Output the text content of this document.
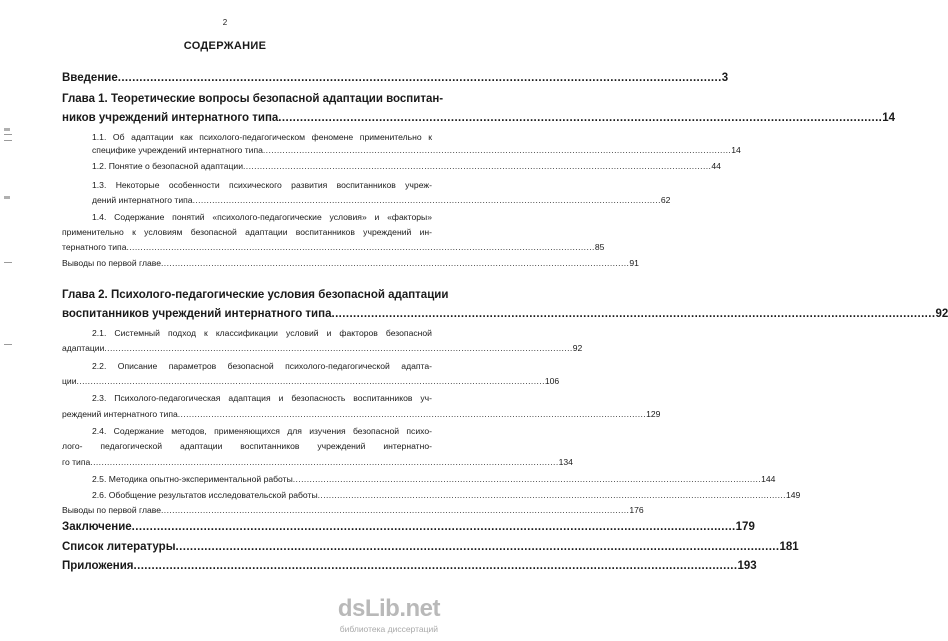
2
СОДЕРЖАНИЕ
Введение ........................................................................................................................................................................ 3
Глава 1. Теоретические вопросы безопасной адаптации воспитан-
ников учреждений интернатного типа ........................................................................................................................................................................ 14
1.1. Об адаптации как психолого-педагогическом феномене применительно к
специфике учреждений интернатного типа ........................................................................................................................................................................ 14
1.2. Понятие о безопасной адаптации ........................................................................................................................................................................ 44
1.3. Некоторые особенности психического развития воспитанников учреж-
дений интернатного типа ........................................................................................................................................................................ 62
1.4. Содержание понятий «психолого-педагогические условия» и «факторы»
применительно к условиям безопасной адаптации воспитанников учреждений ин-
тернатного типа ........................................................................................................................................................................ 85
Выводы по первой главе ........................................................................................................................................................................ 91
Глава 2. Психолого-педагогические условия безопасной адаптации
воспитанников учреждений интернатного типа ........................................................................................................................................................................ 92
2.1. Системный подход к классификации условий и факторов безопасной
адаптации ........................................................................................................................................................................ 92
2.2. Описание параметров безопасной психолого-педагогической адапта-
ции ........................................................................................................................................................................ 106
2.3. Психолого-педагогическая адаптация и безопасность воспитанников уч-
реждений интернатного типа ........................................................................................................................................................................ 129
2.4. Содержание методов, применяющихся для изучения безопасной психо-
лого- педагогической адаптации воспитанников учреждений интернатно-
го типа ........................................................................................................................................................................ 134
2.5. Методика опытно-экспериментальной работы ........................................................................................................................................................................ 144
2.6. Обобщение результатов исследовательской работы ........................................................................................................................................................................ 149
Выводы по первой главе ........................................................................................................................................................................ 176
Заключение ........................................................................................................................................................................ 179
Список литературы ........................................................................................................................................................................ 181
Приложения ........................................................................................................................................................................ 193
dsLib.net
библиотека диссертаций
